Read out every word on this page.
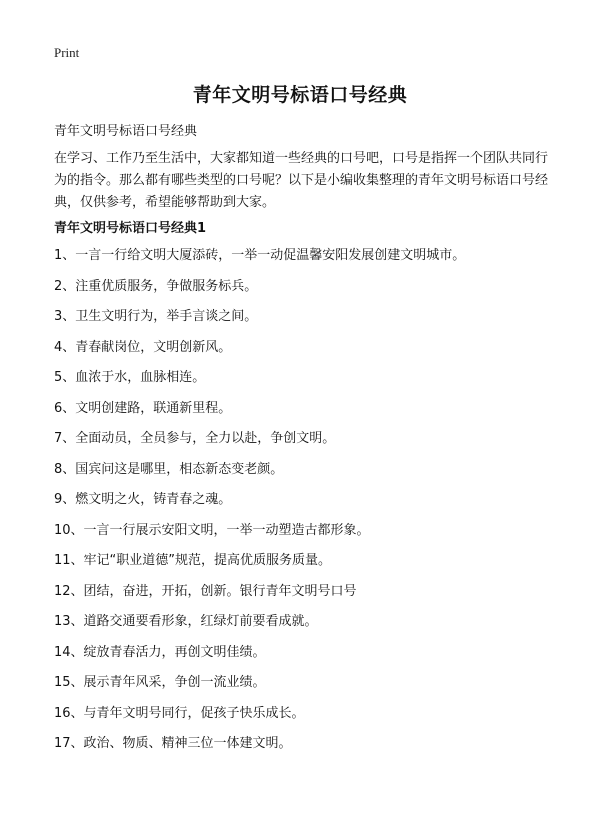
Print
青年文明号标语口号经典
青年文明号标语口号经典
在学习、工作乃至生活中，大家都知道一些经典的口号吧，口号是指挥一个团队共同行为的指令。那么都有哪些类型的口号呢？以下是小编收集整理的青年文明号标语口号经典，仅供参考，希望能够帮助到大家。
青年文明号标语口号经典1
1、一言一行给文明大厦添砖，一举一动促温馨安阳发展创建文明城市。
2、注重优质服务，争做服务标兵。
3、卫生文明行为，举手言谈之间。
4、青春献岗位，文明创新风。
5、血浓于水，血脉相连。
6、文明创建路，联通新里程。
7、全面动员，全员参与，全力以赴，争创文明。
8、国宾问这是哪里，相态新态变老颜。
9、燃文明之火，铸青春之魂。
10、一言一行展示安阳文明，一举一动塑造古都形象。
11、牢记“职业道德”规范，提高优质服务质量。
12、团结，奋进，开拓，创新。银行青年文明号口号
13、道路交通要看形象，红绿灯前要看成就。
14、绽放青春活力，再创文明佳绩。
15、展示青年风采，争创一流业绩。
16、与青年文明号同行，促孩子快乐成长。
17、政治、物质、精神三位一体建文明。
